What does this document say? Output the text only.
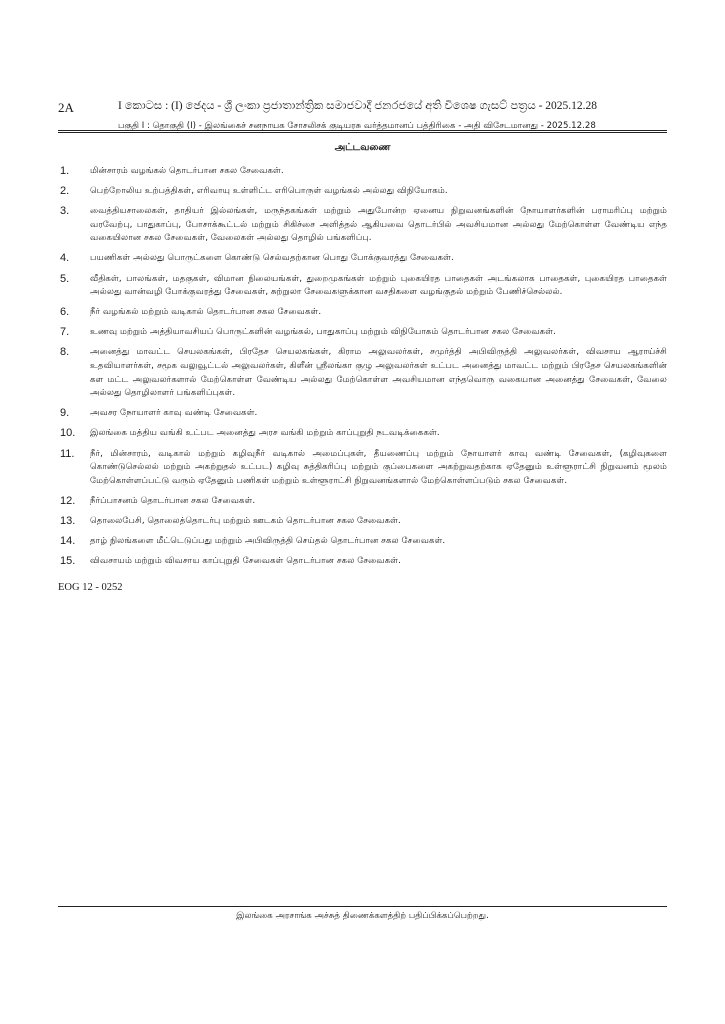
2A	I කොටස : (I) ඡෙදය - ශ්‍රී ලංකා ප්‍රජාතාන්ත්‍රික සමාජවාදී ජනරජයේ අති විශෙෂ ගැසට් පත්‍රය - 2025.12.28
பகுதி I : தொகுதி (I) - இலங்கைச் சனநாயக சோசலிசக் குடியரசு வர்த்தமானப் பத்திரிகை - அதி விசேடமானது - 2025.12.28
அட்டவணை
1. மின்சாரம் வழங்கல் தொடர்பான சகல சேவைகள்.
2. பெற்றோலிய உற்பத்திகள், எரிவாயு உள்ளிட்ட எரிபொருள் வழங்கல் அல்லது விநியோகம்.
3. வைத்தியசாலைகள், தாதியர் இல்லங்கள், மருந்தகங்கள் மற்றும் அதுபோன்ற ஏனைய நிறுவனங்களின் நோயாளர்களின் பராமரிப்பு மற்றும் வரவேற்பு, பாதுகாப்பு, போசாக்கூட்டல் மற்றும் சிகிச்சை அளித்தல் ஆகியவை தொடர்பில் அவசியமான அல்லது மேற்கொள்ள வேண்டிய எந்த வகையிலான சகல சேவைகள், வேலைகள் அல்லது தொழில் பங்களிப்பு.
4. பயணிகள் அல்லது பொருட்களை கொண்டு செல்வதற்கான பொது போக்குவரத்து சேவைகள்.
5. வீதிகள், பாலங்கள், மதகுகள், விமான நிலையங்கள், துறைமுகங்கள் மற்றும் புகையிரத பாதைகள் அடங்கலாக பாதைகள், புகையிரத பாதைகள் அல்லது வான்வழி போக்குவரத்து சேவைகள், சுற்றுலா சேவைகளுக்கான வசதிகளை வழங்குதல் மற்றும் பேணிச்செல்லல்.
6. நீர் வழங்கல் மற்றும் வடிகால் தொடர்பான சகல சேவைகள்.
7. உணவு மற்றும் அத்தியாவசியப் பொருட்களின் வழங்கல், பாதுகாப்பு மற்றும் விநியோகம் தொடர்பான சகல சேவைகள்.
8. அனைத்து மாவட்ட செயலகங்கள், பிரதேச செயலகங்கள், கிராம அலுவலர்கள், சமுர்த்தி அபிவிருத்தி அலுவலர்கள், விவசாய ஆராய்ச்சி உதவியாளர்கள், சமூக வலுவூட்டல் அலுவலர்கள், கிளீன் ஸ்ரீலங்கா குழு அலுவலர்கள் உட்பட அனைத்து மாவட்ட மற்றும் பிரதேச செயலகங்களின் கள மட்ட அலுவலர்களால் மேற்கொள்ள வேண்டிய அல்லது மேற்கொள்ள அவசியமான எந்தவொரு வகையான அனைத்து சேவைகள், வேலை அல்லது தொழிலாளர் பங்களிப்புகள்.
9. அவசர நோயாளர் காவு வண்டி சேவைகள்.
10. இலங்கை மத்திய வங்கி உட்பட அனைத்து அரச வங்கி மற்றும் காப்புறுதி நடவடிக்கைகள்.
11. நீர், மின்சாரம், வடிகால் மற்றும் கழிவுநீர் வடிகால் அமைப்புகள், தீயணைப்பு மற்றும் நோயாளர் காவு வண்டி சேவைகள், (கழிவுகளை கொண்டுசெல்லல் மற்றும் அகற்றுதல் உட்பட) கழிவு சுத்திகரிப்பு மற்றும் குப்பைகளை அகற்றுவதற்காக ஏதேனும் உள்ளூராட்சி நிறுவனம் மூலம் மேற்கொள்ளப்பட்டு வரும் ஏதேனும் பணிகள் மற்றும் உள்ளூராட்சி நிறுவனங்களால் மேற்கொள்ளப்படும் சகல சேவைகள்.
12. நீர்ப்பாசனம் தொடர்பான சகல சேவைகள்.
13. தொலைபேசி, தொலைத்தொடர்பு மற்றும் ஊடகம் தொடர்பான சகல சேவைகள்.
14. தாழ் நிலங்களை மீட்டெடுப்பது மற்றும் அபிவிருத்தி செய்தல் தொடர்பான சகல சேவைகள்.
15. விவசாயம் மற்றும் விவசாய காப்புறுதி சேவைகள் தொடர்பான சகல சேவைகள்.
EOG 12 - 0252
இலங்கை அரசாங்க அச்சுத் திணைக்களத்திற் பதிப்பிக்கப்பெற்றது.
